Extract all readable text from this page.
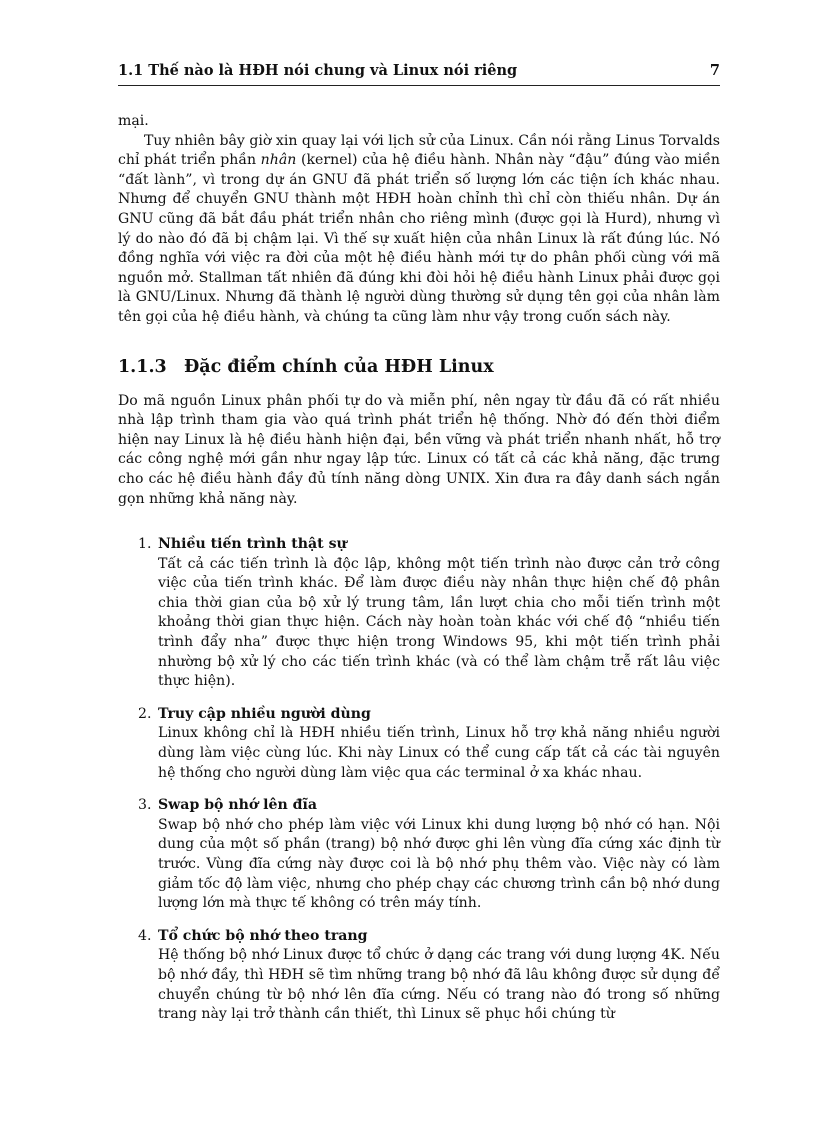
1.1 Thế nào là HĐH nói chung và Linux nói riêng	7

mại.

Tuy nhiên bây giờ xin quay lại với lịch sử của Linux. Cần nói rằng Linus Torvalds chỉ phát triển phần nhân (kernel) của hệ điều hành. Nhân này “đậu” đúng vào miền “đất lành”, vì trong dự án GNU đã phát triển số lượng lớn các tiện ích khác nhau. Nhưng để chuyển GNU thành một HĐH hoàn chỉnh thì chỉ còn thiếu nhân. Dự án GNU cũng đã bắt đầu phát triển nhân cho riêng mình (được gọi là Hurd), nhưng vì lý do nào đó đã bị chậm lại. Vì thế sự xuất hiện của nhân Linux là rất đúng lúc. Nó đồng nghĩa với việc ra đời của một hệ điều hành mới tự do phân phối cùng với mã nguồn mở. Stallman tất nhiên đã đúng khi đòi hỏi hệ điều hành Linux phải được gọi là GNU/Linux. Nhưng đã thành lệ người dùng thường sử dụng tên gọi của nhân làm tên gọi của hệ điều hành, và chúng ta cũng làm như vậy trong cuốn sách này.

1.1.3 Đặc điểm chính của HĐH Linux

Do mã nguồn Linux phân phối tự do và miễn phí, nên ngay từ đầu đã có rất nhiều nhà lập trình tham gia vào quá trình phát triển hệ thống. Nhờ đó đến thời điểm hiện nay Linux là hệ điều hành hiện đại, bền vững và phát triển nhanh nhất, hỗ trợ các công nghệ mới gần như ngay lập tức. Linux có tất cả các khả năng, đặc trưng cho các hệ điều hành đầy đủ tính năng dòng UNIX. Xin đưa ra đây danh sách ngắn gọn những khả năng này.

1. Nhiều tiến trình thật sự
Tất cả các tiến trình là độc lập, không một tiến trình nào được cản trở công việc của tiến trình khác. Để làm được điều này nhân thực hiện chế độ phân chia thời gian của bộ xử lý trung tâm, lần lượt chia cho mỗi tiến trình một khoảng thời gian thực hiện. Cách này hoàn toàn khác với chế độ “nhiều tiến trình đẩy nha” được thực hiện trong Windows 95, khi một tiến trình phải nhường bộ xử lý cho các tiến trình khác (và có thể làm chậm trễ rất lâu việc thực hiện).
2. Truy cập nhiều người dùng
Linux không chỉ là HĐH nhiều tiến trình, Linux hỗ trợ khả năng nhiều người dùng làm việc cùng lúc. Khi này Linux có thể cung cấp tất cả các tài nguyên hệ thống cho người dùng làm việc qua các terminal ở xa khác nhau.
3. Swap bộ nhớ lên đĩa
Swap bộ nhớ cho phép làm việc với Linux khi dung lượng bộ nhớ có hạn. Nội dung của một số phần (trang) bộ nhớ được ghi lên vùng đĩa cứng xác định từ trước. Vùng đĩa cứng này được coi là bộ nhớ phụ thêm vào. Việc này có làm giảm tốc độ làm việc, nhưng cho phép chạy các chương trình cần bộ nhớ dung lượng lớn mà thực tế không có trên máy tính.
4. Tổ chức bộ nhớ theo trang
Hệ thống bộ nhớ Linux được tổ chức ở dạng các trang với dung lượng 4K. Nếu bộ nhớ đầy, thì HĐH sẽ tìm những trang bộ nhớ đã lâu không được sử dụng để chuyển chúng từ bộ nhớ lên đĩa cứng. Nếu có trang nào đó trong số những trang này lại trở thành cần thiết, thì Linux sẽ phục hồi chúng từ
